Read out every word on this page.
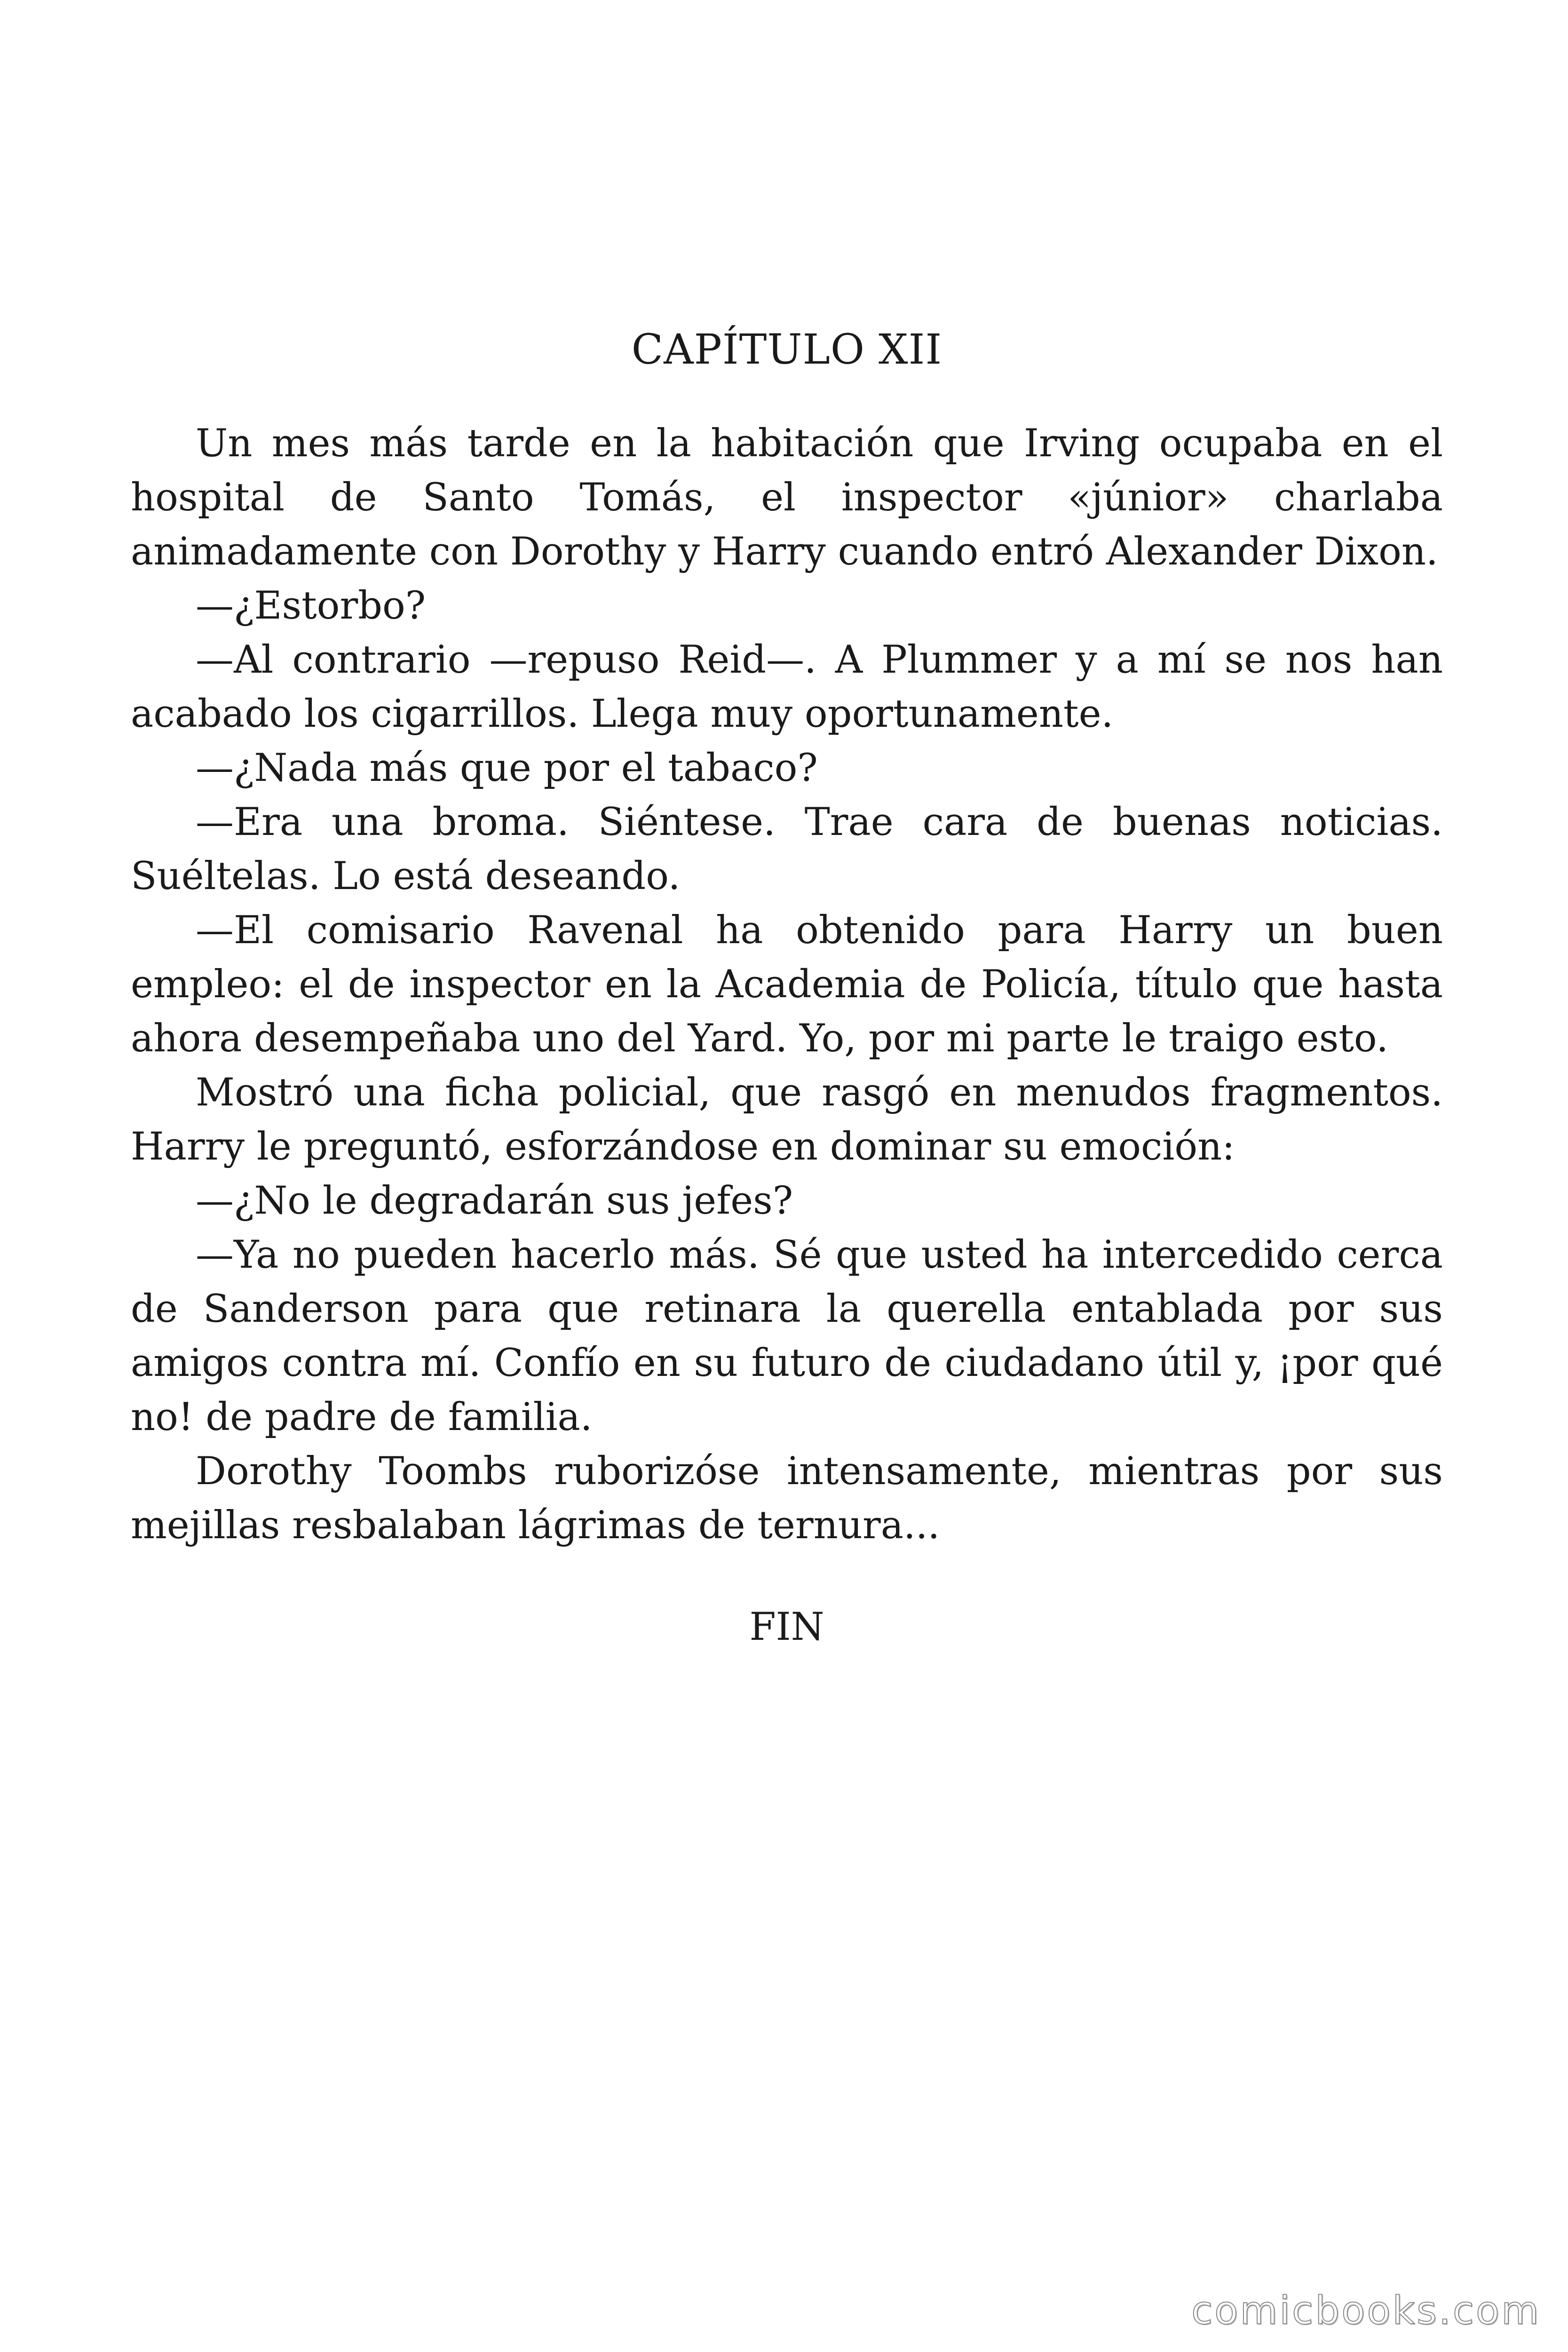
CAPÍTULO XII

Un mes más tarde en la habitación que Irving ocupaba en el hospital de Santo Tomás, el inspector «júnior» charlaba animadamente con Dorothy y Harry cuando entró Alexander Dixon.

—¿Estorbo?

—Al contrario —repuso Reid—. A Plummer y a mí se nos han acabado los cigarrillos. Llega muy oportunamente.

—¿Nada más que por el tabaco?

—Era una broma. Siéntese. Trae cara de buenas noticias. Suéltelas. Lo está deseando.

—El comisario Ravenal ha obtenido para Harry un buen empleo: el de inspector en la Academia de Policía, título que hasta ahora desempeñaba uno del Yard. Yo, por mi parte le traigo esto.

Mostró una ficha policial, que rasgó en menudos fragmentos. Harry le preguntó, esforzándose en dominar su emoción:

—¿No le degradarán sus jefes?

—Ya no pueden hacerlo más. Sé que usted ha intercedido cerca de Sanderson para que retinara la querella entablada por sus amigos contra mí. Confío en su futuro de ciudadano útil y, ¡por qué no! de padre de familia.

Dorothy Toombs ruborizóse intensamente, mientras por sus mejillas resbalaban lágrimas de ternura...

FIN
comicbooks.com
